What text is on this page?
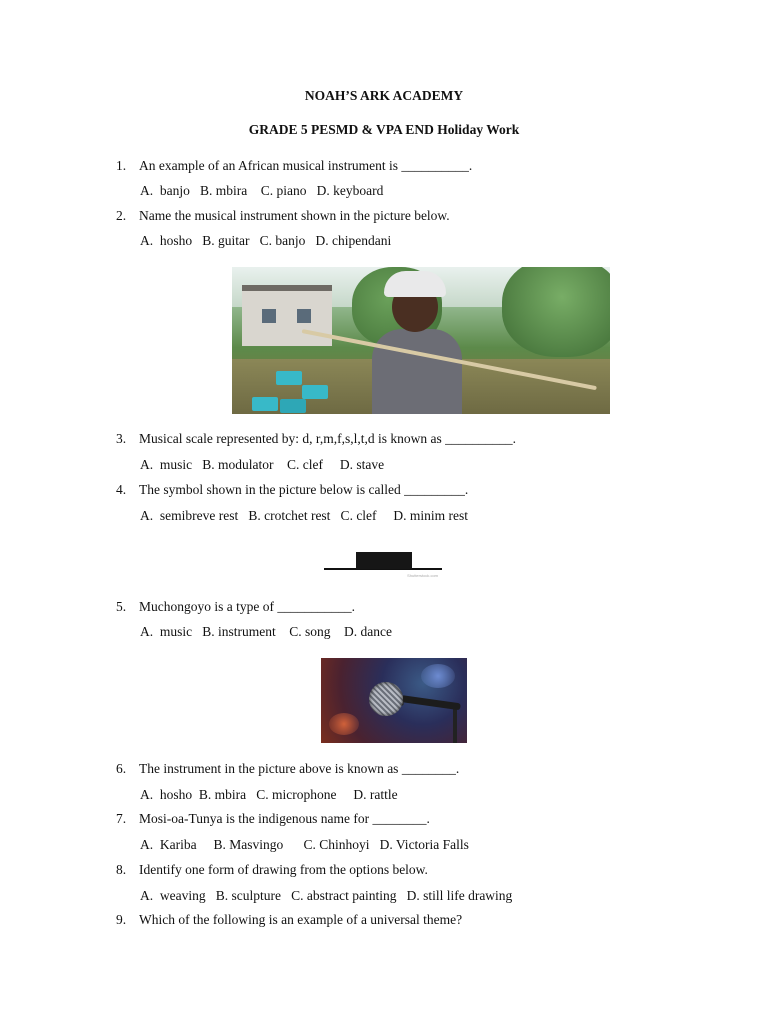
NOAH’S ARK ACADEMY
GRADE 5 PESMD & VPA END Holiday Work
1. An example of an African musical instrument is __________.
A.  banjo   B. mbira    C. piano   D. keyboard
2. Name the musical instrument shown in the picture below.
A.  hosho   B. guitar   C. banjo   D. chipendani
3. Musical scale represented by: d, r,m,f,s,l,t,d is known as __________.
A.  music   B. modulator    C. clef     D. stave
4. The symbol shown in the picture below is called _________.
A.  semibreve rest   B. crotchet rest   C. clef     D. minim rest
Shutterstock.com
5. Muchongoyo is a type of ___________.
A.  music   B. instrument    C. song    D. dance
6. The instrument in the picture above is known as ________.
A.  hosho  B. mbira   C. microphone     D. rattle
7. Mosi-oa-Tunya is the indigenous name for ________.
A.  Kariba     B. Masvingo      C. Chinhoyi   D. Victoria Falls
8. Identify one form of drawing from the options below.
A.  weaving   B. sculpture   C. abstract painting   D. still life drawing
9. Which of the following is an example of a universal theme?
